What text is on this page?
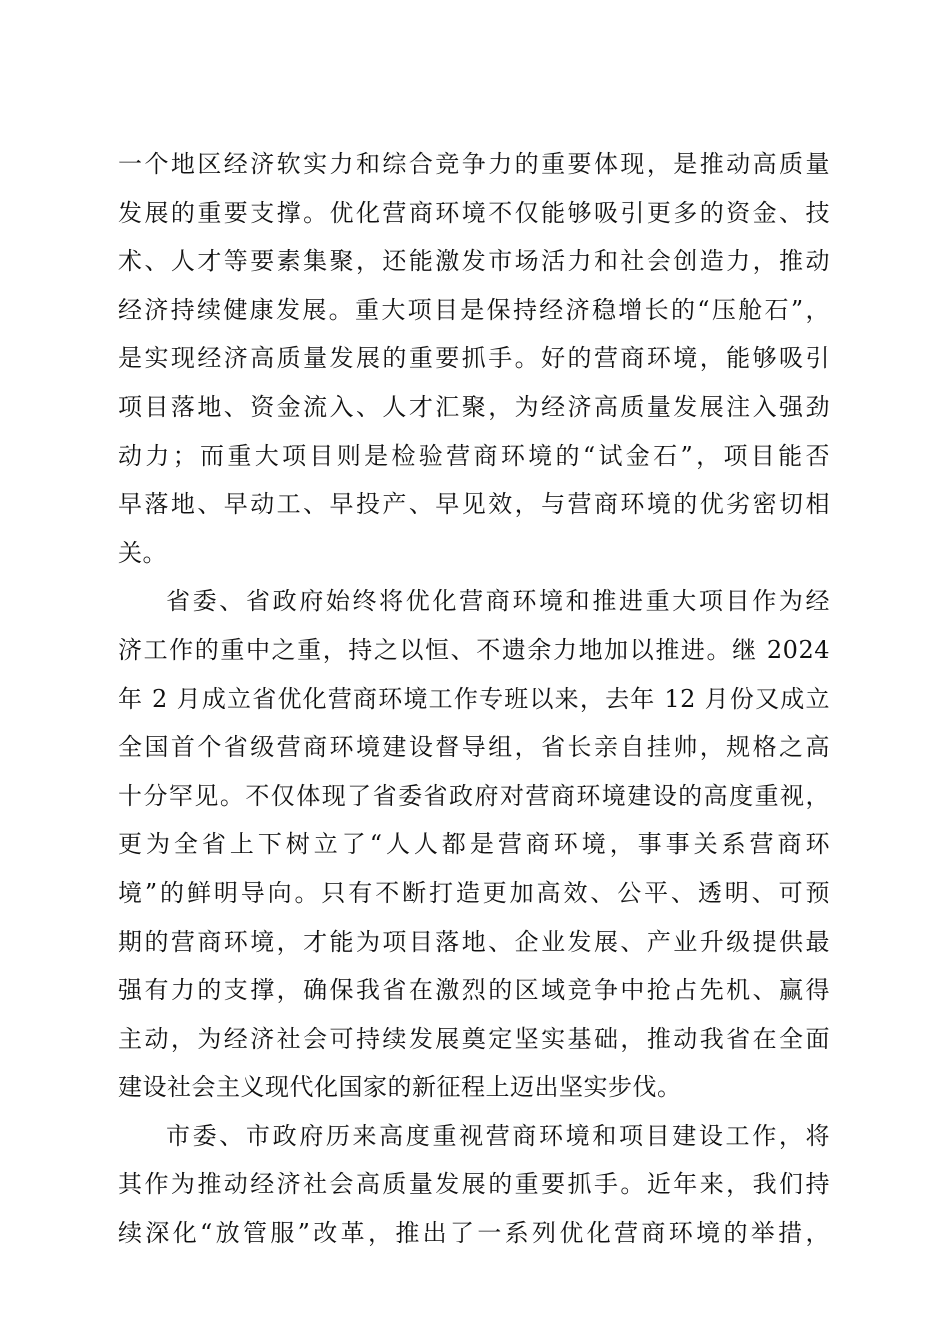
一个地区经济软实力和综合竞争力的重要体现，是推动高质量
发展的重要支撑。优化营商环境不仅能够吸引更多的资金、技
术、人才等要素集聚，还能激发市场活力和社会创造力，推动
经济持续健康发展。重大项目是保持经济稳增长的“压舱石”，
是实现经济高质量发展的重要抓手。好的营商环境，能够吸引
项目落地、资金流入、人才汇聚，为经济高质量发展注入强劲
动力；而重大项目则是检验营商环境的“试金石”，项目能否
早落地、早动工、早投产、早见效，与营商环境的优劣密切相
关。
省委、省政府始终将优化营商环境和推进重大项目作为经
济工作的重中之重，持之以恒、不遗余力地加以推进。继 2024
年 2 月成立省优化营商环境工作专班以来，去年 12 月份又成立
全国首个省级营商环境建设督导组，省长亲自挂帅，规格之高
十分罕见。不仅体现了省委省政府对营商环境建设的高度重视，
更为全省上下树立了“人人都是营商环境，事事关系营商环
境”的鲜明导向。只有不断打造更加高效、公平、透明、可预
期的营商环境，才能为项目落地、企业发展、产业升级提供最
强有力的支撑，确保我省在激烈的区域竞争中抢占先机、赢得
主动，为经济社会可持续发展奠定坚实基础，推动我省在全面
建设社会主义现代化国家的新征程上迈出坚实步伐。
市委、市政府历来高度重视营商环境和项目建设工作，将
其作为推动经济社会高质量发展的重要抓手。近年来，我们持
续深化“放管服”改革，推出了一系列优化营商环境的举措，
